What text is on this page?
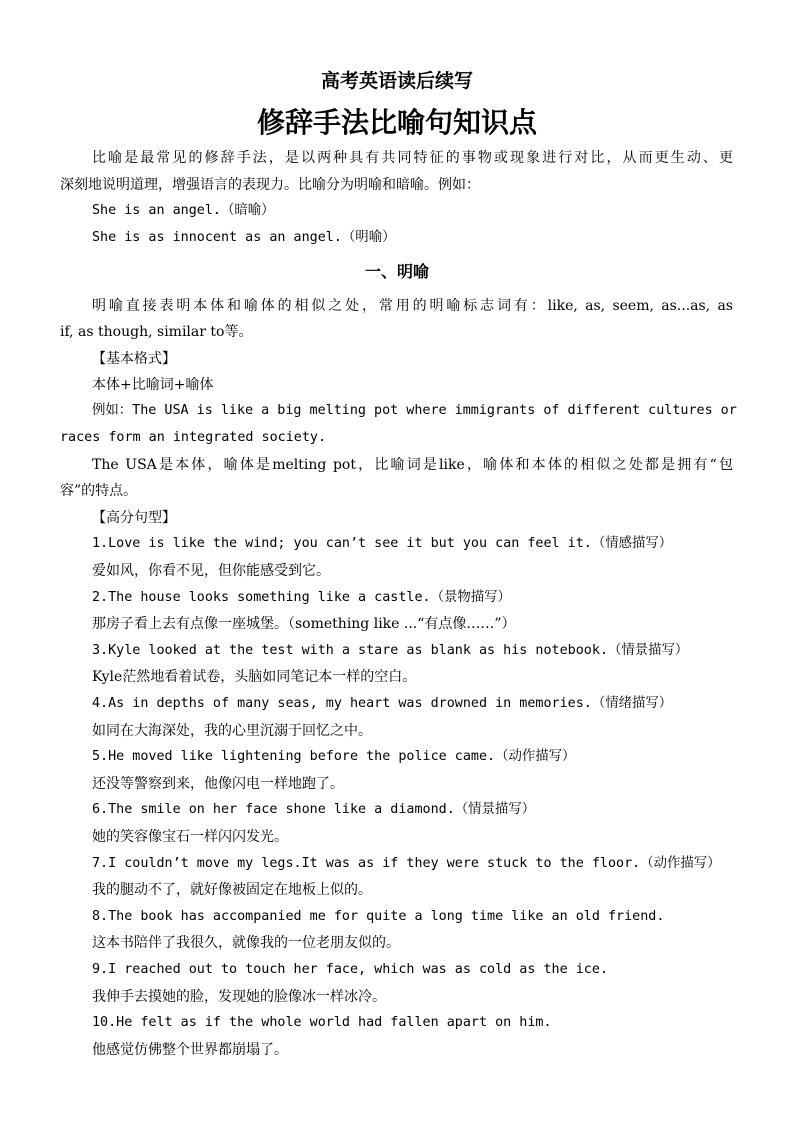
高考英语读后续写
修辞手法比喻句知识点
比喻是最常见的修辞手法，是以两种具有共同特征的事物或现象进行对比，从而更生动、更
深刻地说明道理，增强语言的表现力。比喻分为明喻和暗喻。例如：
She is an angel.（暗喻）
She is as innocent as an angel.（明喻）
一、明喻
明喻直接表明本体和喻体的相似之处，常用的明喻标志词有：like, as, seem, as...as, as
if, as though, similar to等。
【基本格式】
本体+比喻词+喻体
例如：The USA is like a big melting pot where immigrants of different cultures or
races form an integrated society.
The USA是本体，喻体是melting pot，比喻词是like，喻体和本体的相似之处都是拥有“包
容”的特点。
【高分句型】
1.Love is like the wind; you can’t see it but you can feel it.（情感描写）
爱如风，你看不见，但你能感受到它。
2.The house looks something like a castle.（景物描写）
那房子看上去有点像一座城堡。（something like ...“有点像……”）
3.Kyle looked at the test with a stare as blank as his notebook.（情景描写）
Kyle茫然地看着试卷，头脑如同笔记本一样的空白。
4.As in depths of many seas, my heart was drowned in memories.（情绪描写）
如同在大海深处，我的心里沉溺于回忆之中。
5.He moved like lightening before the police came.（动作描写）
还没等警察到来，他像闪电一样地跑了。
6.The smile on her face shone like a diamond.（情景描写）
她的笑容像宝石一样闪闪发光。
7.I couldn’t move my legs.It was as if they were stuck to the floor.（动作描写）
我的腿动不了，就好像被固定在地板上似的。
8.The book has accompanied me for quite a long time like an old friend.
这本书陪伴了我很久，就像我的一位老朋友似的。
9.I reached out to touch her face, which was as cold as the ice.
我伸手去摸她的脸，发现她的脸像冰一样冰冷。
10.He felt as if the whole world had fallen apart on him.
他感觉仿佛整个世界都崩塌了。
